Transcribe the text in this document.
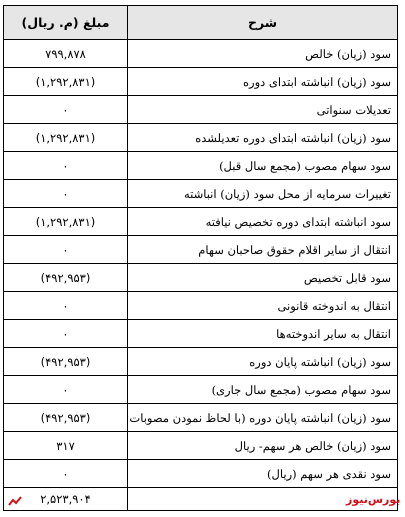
شرح	مبلغ (م. ریال)
سود (زیان) خالص	۷۹۹,۸۷۸
سود (زیان) انباشته ابتدای دوره	(۱,۲۹۲,۸۳۱)
تعدیلات سنواتی	۰
سود (زیان) انباشته ابتدای دوره تعدیلشده	(۱,۲۹۲,۸۳۱)
سود سهام مصوب (مجمع سال قبل)	۰
تغییرات سرمایه از محل سود (زیان) انباشته	۰
سود انباشته ابتدای دوره تخصیص نیافته	(۱,۲۹۲,۸۳۱)
انتقال از سایر اقلام حقوق صاحبان سهام	۰
سود قابل تخصیص	(۴۹۲,۹۵۳)
انتقال به اندوخته قانونی	۰
انتقال به سایر اندوخته‌ها	۰
سود (زیان) انباشته پایان دوره	(۴۹۲,۹۵۳)
سود سهام مصوب (مجمع سال جاری)	۰
سود (زیان) انباشته پایان دوره (با لحاظ نمودن مصوبات	(۴۹۲,۹۵۳)
سود (زیان) خالص هر سهم- ریال	۳۱۷
سود نقدی هر سهم (ریال)	۰
	۲,۵۲۳,۹۰۴	بورس‌نیوز
